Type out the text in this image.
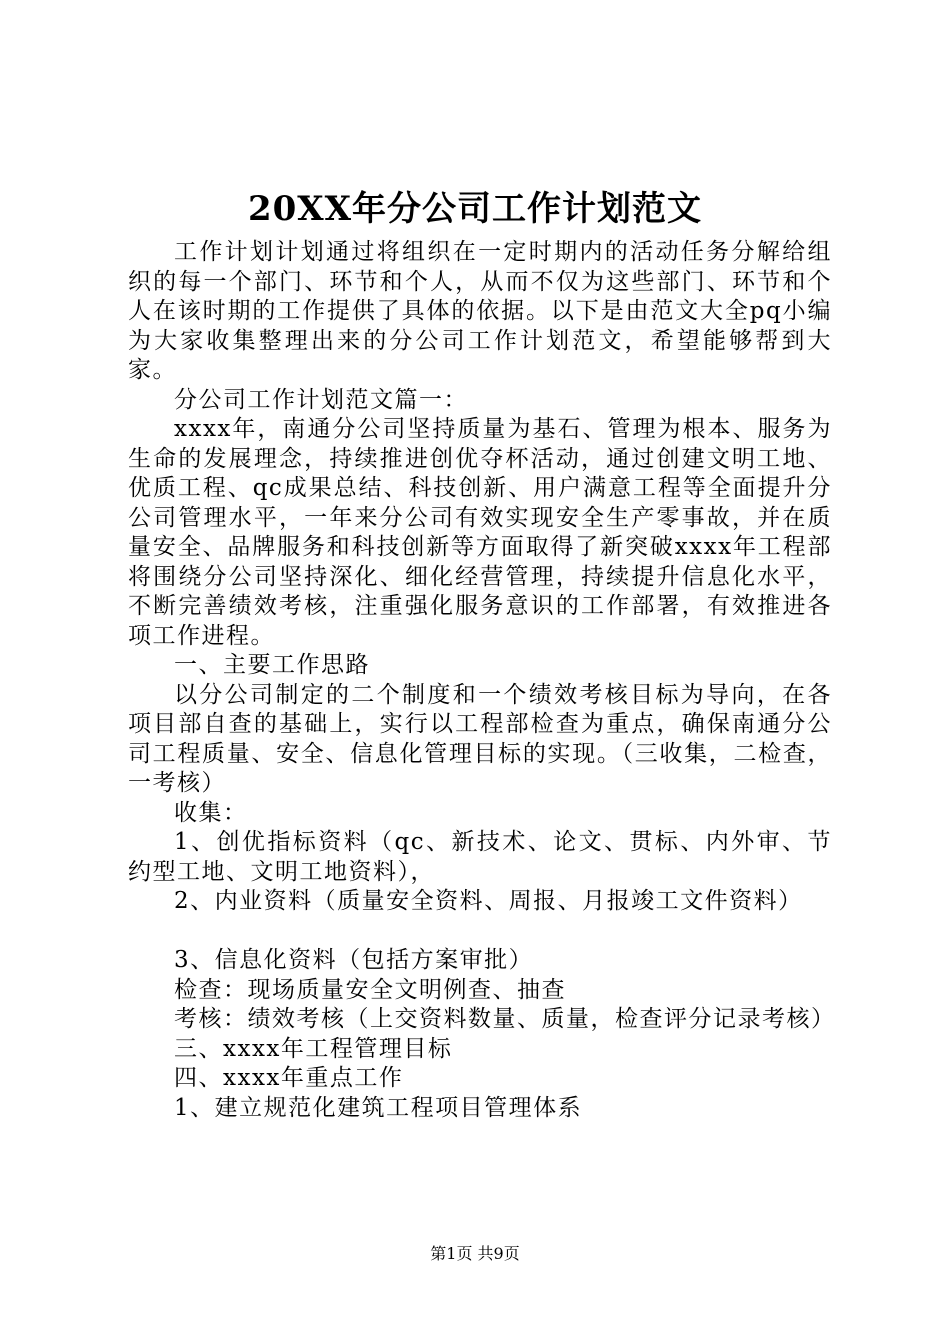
20XX年分公司工作计划范文

工作计划计划通过将组织在一定时期内的活动任务分解给组织的每一个部门、环节和个人，从而不仅为这些部门、环节和个人在该时期的工作提供了具体的依据。以下是由范文大全pq小编为大家收集整理出来的分公司工作计划范文，希望能够帮到大家。

分公司工作计划范文篇一：

xxxx年，南通分公司坚持质量为基石、管理为根本、服务为生命的发展理念，持续推进创优夺杯活动，通过创建文明工地、优质工程、qc成果总结、科技创新、用户满意工程等全面提升分公司管理水平，一年来分公司有效实现安全生产零事故，并在质量安全、品牌服务和科技创新等方面取得了新突破xxxx年工程部将围绕分公司坚持深化、细化经营管理，持续提升信息化水平，不断完善绩效考核，注重强化服务意识的工作部署，有效推进各项工作进程。

一、主要工作思路

以分公司制定的二个制度和一个绩效考核目标为导向，在各项目部自查的基础上，实行以工程部检查为重点，确保南通分公司工程质量、安全、信息化管理目标的实现。（三收集，二检查，一考核）

收集：

1、创优指标资料（qc、新技术、论文、贯标、内外审、节约型工地、文明工地资料），

2、内业资料（质量安全资料、周报、月报竣工文件资料）

3、信息化资料（包括方案审批）

检查：现场质量安全文明例查、抽查

考核：绩效考核（上交资料数量、质量，检查评分记录考核）

三、xxxx年工程管理目标

四、xxxx年重点工作

1、建立规范化建筑工程项目管理体系

第1页 共9页
